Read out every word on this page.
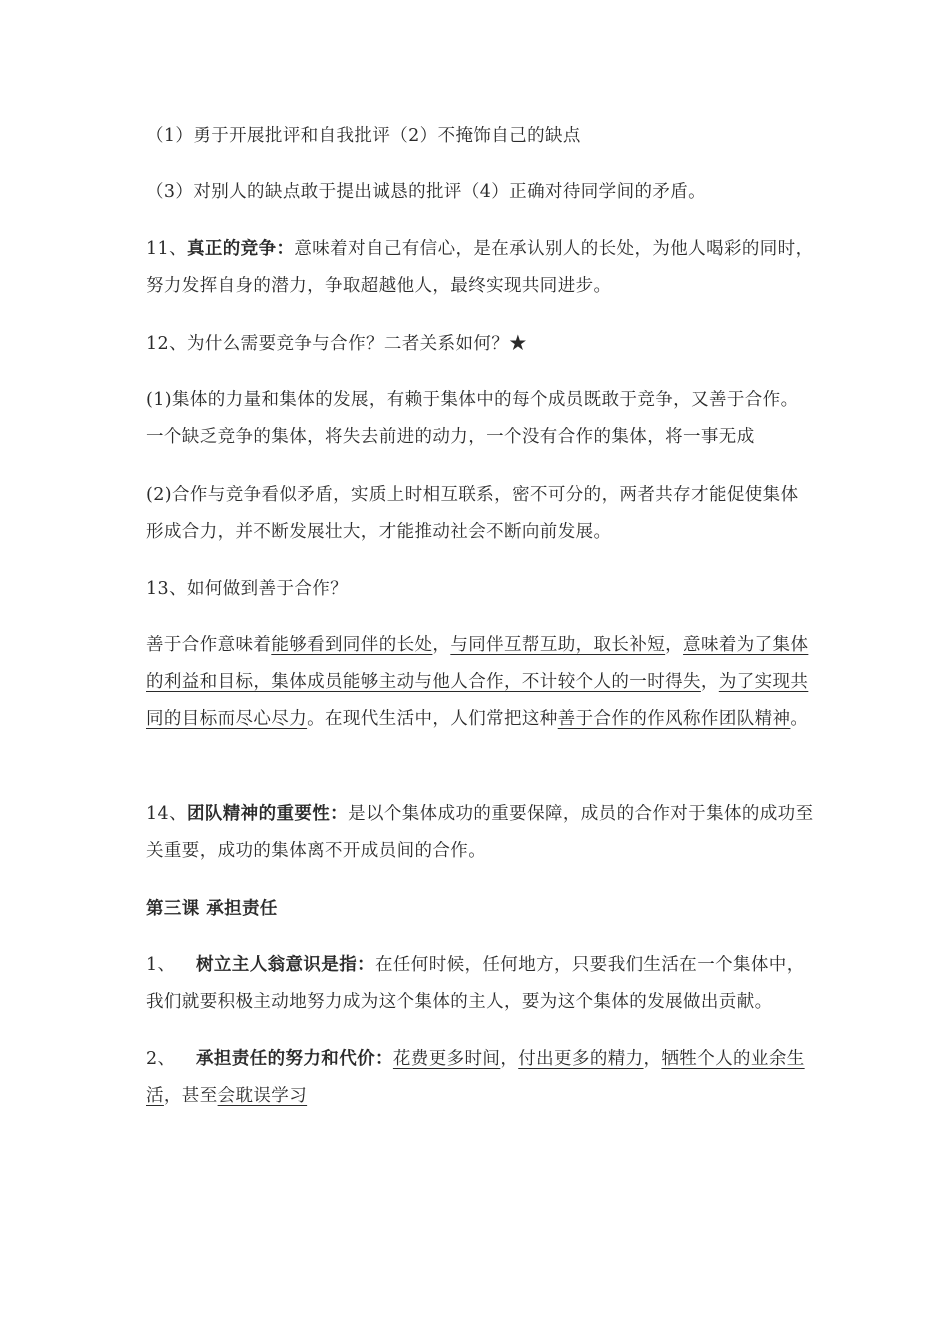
（1）勇于开展批评和自我批评（2）不掩饰自己的缺点

（3）对别人的缺点敢于提出诚恳的批评（4）正确对待同学间的矛盾。

11、真正的竞争：意味着对自己有信心，是在承认别人的长处，为他人喝彩的同时，努力发挥自身的潜力，争取超越他人，最终实现共同进步。

12、为什么需要竞争与合作？二者关系如何？★

(1)集体的力量和集体的发展，有赖于集体中的每个成员既敢于竞争，又善于合作。一个缺乏竞争的集体，将失去前进的动力，一个没有合作的集体，将一事无成

(2)合作与竞争看似矛盾，实质上时相互联系，密不可分的，两者共存才能促使集体形成合力，并不断发展壮大，才能推动社会不断向前发展。

13、如何做到善于合作？

善于合作意味着能够看到同伴的长处，与同伴互帮互助，取长补短，意味着为了集体的利益和目标，集体成员能够主动与他人合作，不计较个人的一时得失，为了实现共同的目标而尽心尽力。在现代生活中，人们常把这种善于合作的作风称作团队精神。

14、团队精神的重要性：是以个集体成功的重要保障，成员的合作对于集体的成功至关重要，成功的集体离不开成员间的合作。

第三课 承担责任

1、 树立主人翁意识是指：在任何时候，任何地方，只要我们生活在一个集体中，我们就要积极主动地努力成为这个集体的主人，要为这个集体的发展做出贡献。

2、 承担责任的努力和代价：花费更多时间，付出更多的精力，牺牲个人的业余生活，甚至会耽误学习
